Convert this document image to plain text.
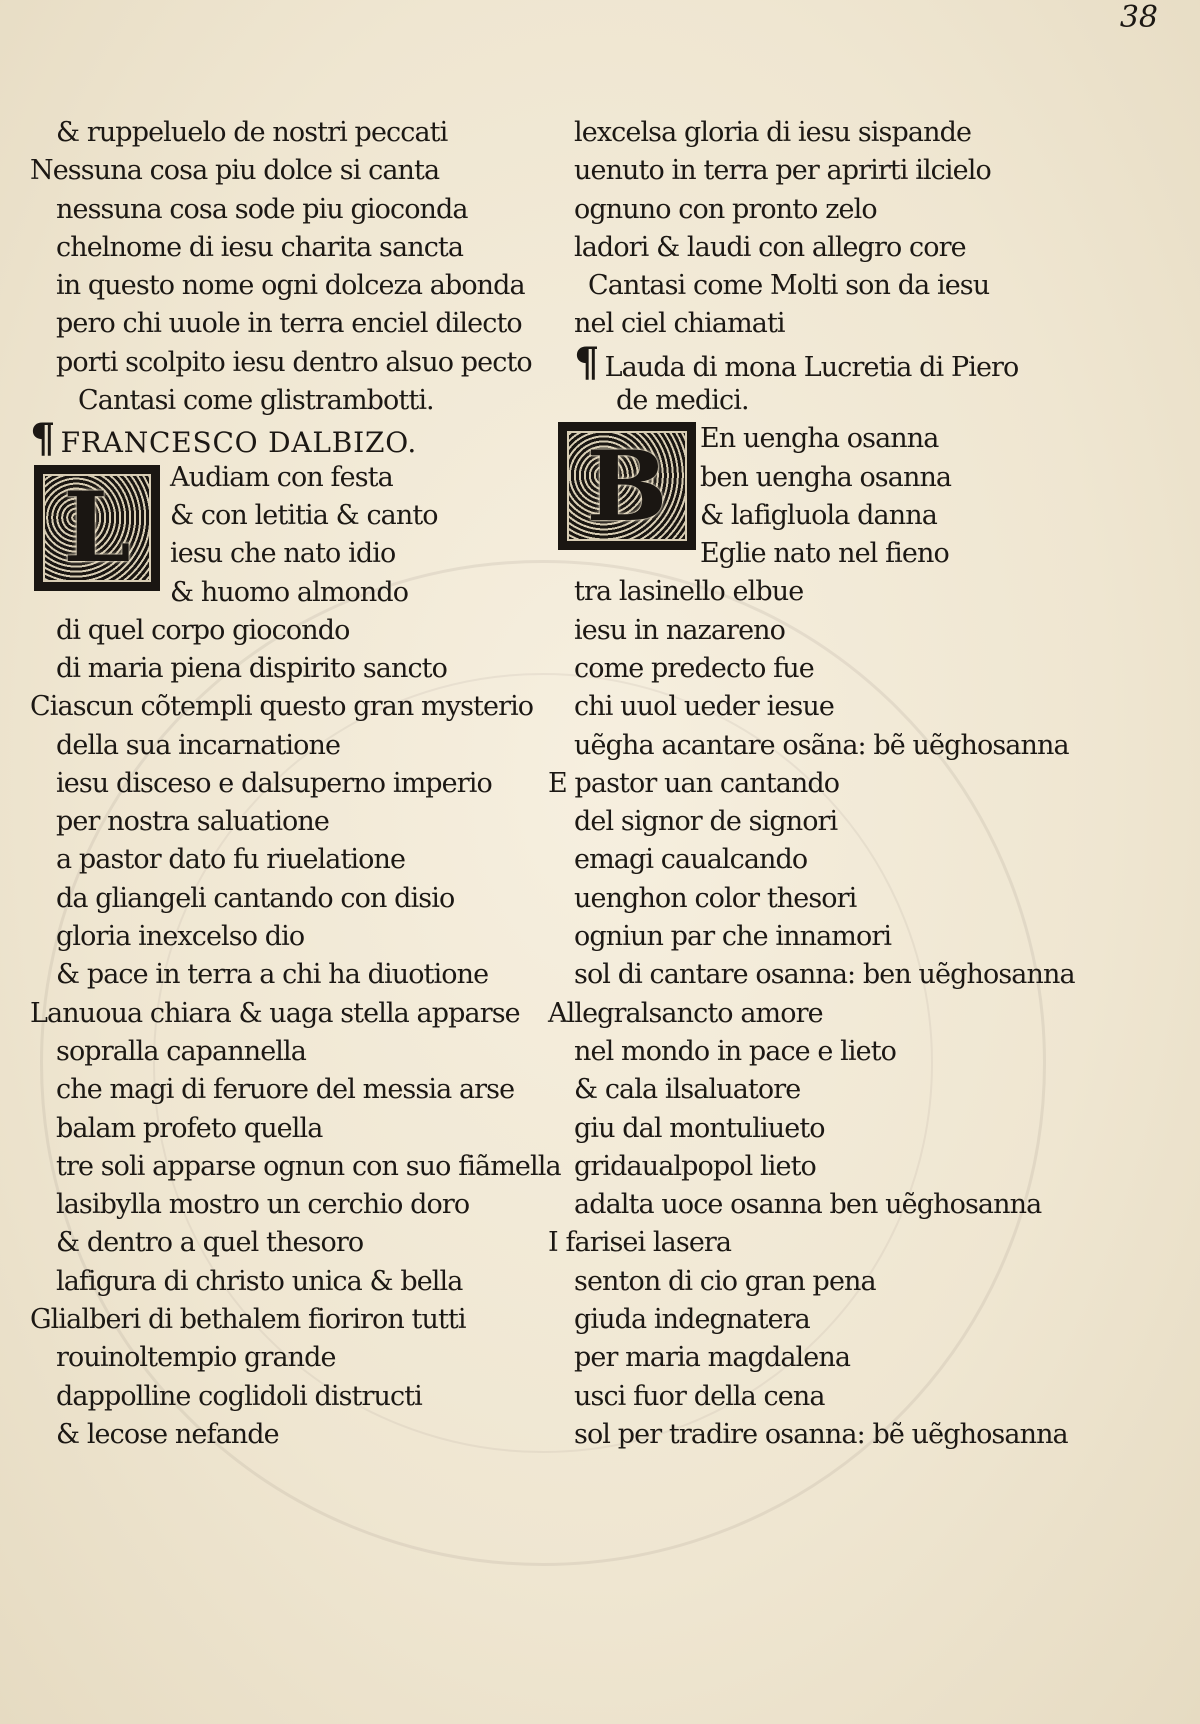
38
& ruppeluelo de nostri peccati
Nessuna cosa piu dolce si canta
nessuna cosa sode piu gioconda
chelnome di iesu charita sancta
in questo nome ogni dolceza abonda
pero chi uuole in terra enciel dilecto
porti scolpito iesu dentro alsuo pecto
Cantasi come glistrambotti.
¶ FRANCESCO DALBIZO.
L	Audiam con festa
& con letitia & canto
iesu che nato idio
& huomo almondo
di quel corpo giocondo
di maria piena dispirito sancto
Ciascun cõtempli questo gran mysterio
della sua incarnatione
iesu disceso e dalsuperno imperio
per nostra saluatione
a pastor dato fu riuelatione
da gliangeli cantando con disio
gloria inexcelso dio
& pace in terra a chi ha diuotione
Lanuoua chiara & uaga stella apparse
sopralla capannella
che magi di feruore del messia arse
balam profeto quella
tre soli apparse ognun con suo fiãmella
lasibylla mostro un cerchio doro
& dentro a quel thesoro
lafigura di christo unica & bella
Glialberi di bethalem fioriron tutti
rouinoltempio grande
dappolline coglidoli distructi
& lecose nefande
lexcelsa gloria di iesu sispande
uenuto in terra per aprirti ilcielo
ognuno con pronto zelo
ladori & laudi con allegro core
Cantasi come Molti son da iesu
nel ciel chiamati
¶ Lauda di mona Lucretia di Piero
de medici.
B	En uengha osanna
ben uengha osanna
& lafigluola danna
Eglie nato nel fieno
tra lasinello elbue
iesu in nazareno
come predecto fue
chi uuol ueder iesue
uẽgha acantare osãna: bẽ uẽghosanna
E pastor uan cantando
del signor de signori
emagi caualcando
uenghon color thesori
ogniun par che innamori
sol di cantare osanna: ben uẽghosanna
Allegralsancto amore
nel mondo in pace e lieto
& cala ilsaluatore
giu dal montuliueto
gridaualpopol lieto
adalta uoce osanna ben uẽghosanna
I farisei lasera
senton di cio gran pena
giuda indegnatera
per maria magdalena
usci fuor della cena
sol per tradire osanna: bẽ uẽghosanna
